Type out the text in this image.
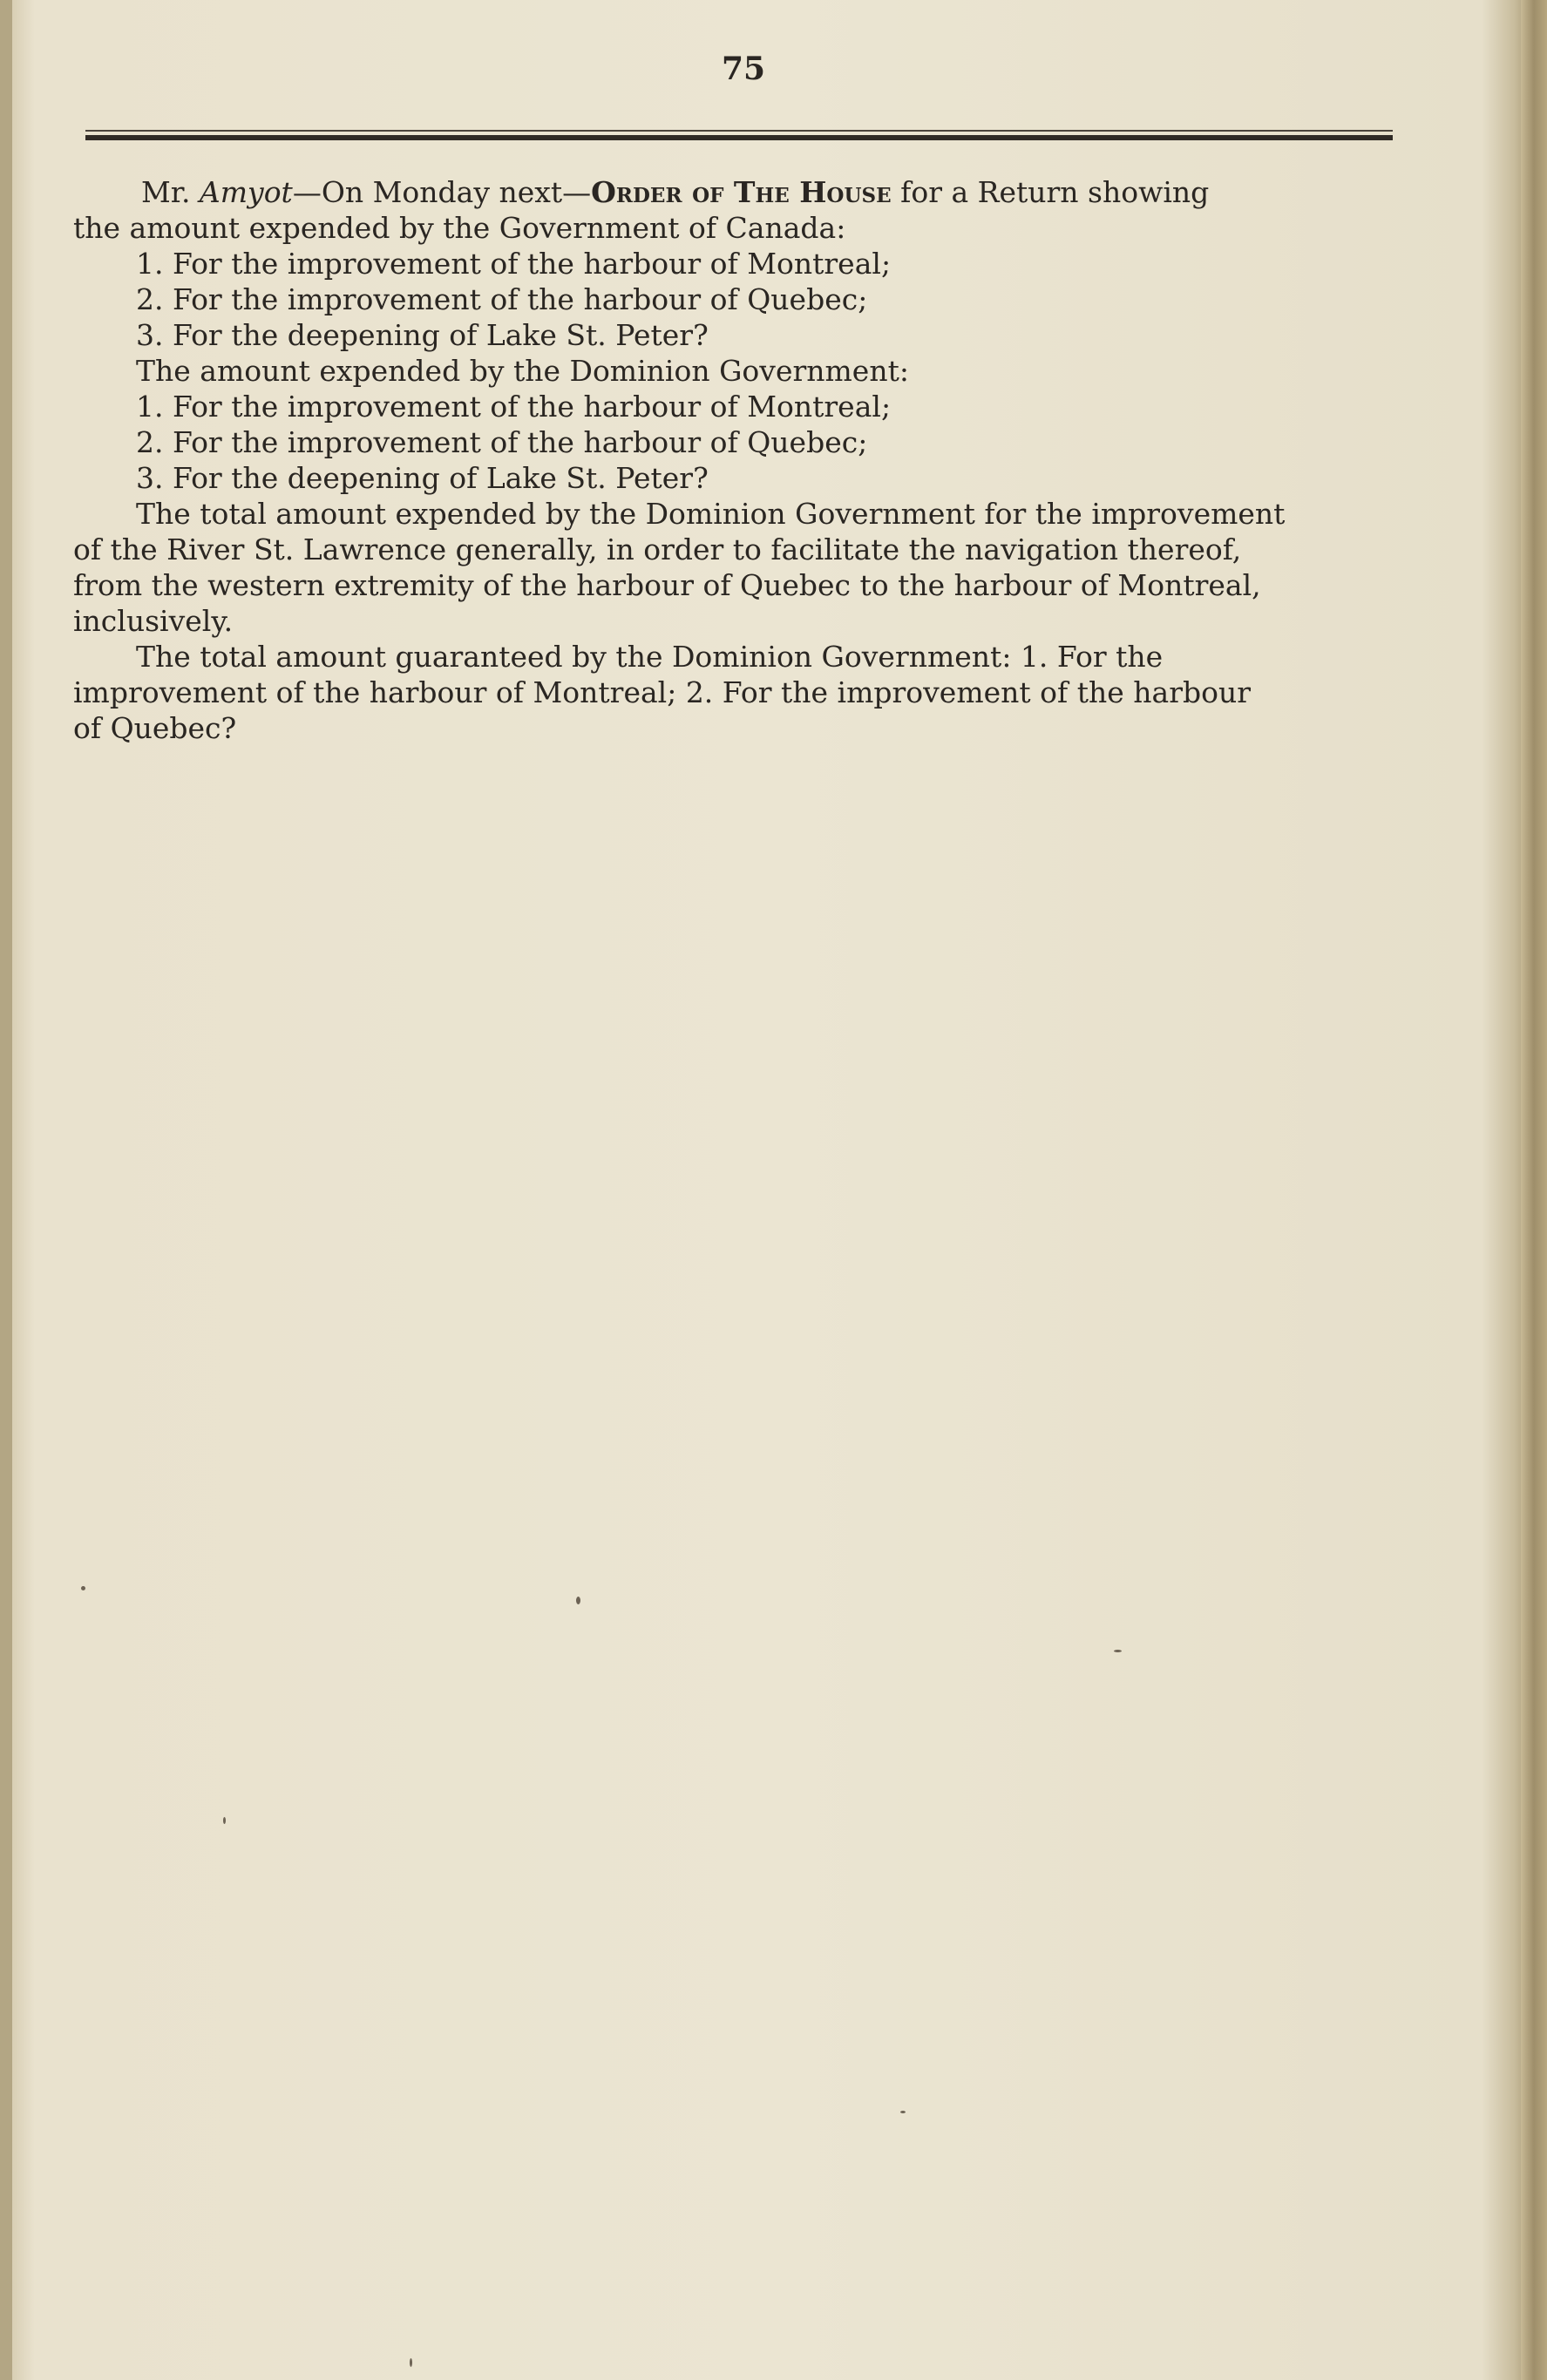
75
Mr. Amyot—On Monday next—Order of The House for a Return showing
the amount expended by the Government of Canada:
1. For the improvement of the harbour of Montreal;
2. For the improvement of the harbour of Quebec;
3. For the deepening of Lake St. Peter?
The amount expended by the Dominion Government:
1. For the improvement of the harbour of Montreal;
2. For the improvement of the harbour of Quebec;
3. For the deepening of Lake St. Peter?
The total amount expended by the Dominion Government for the improvement
of the River St. Lawrence generally, in order to facilitate the navigation thereof,
from the western extremity of the harbour of Quebec to the harbour of Montreal,
inclusively.
The total amount guaranteed by the Dominion Government: 1. For the
improvement of the harbour of Montreal; 2. For the improvement of the harbour
of Quebec?
